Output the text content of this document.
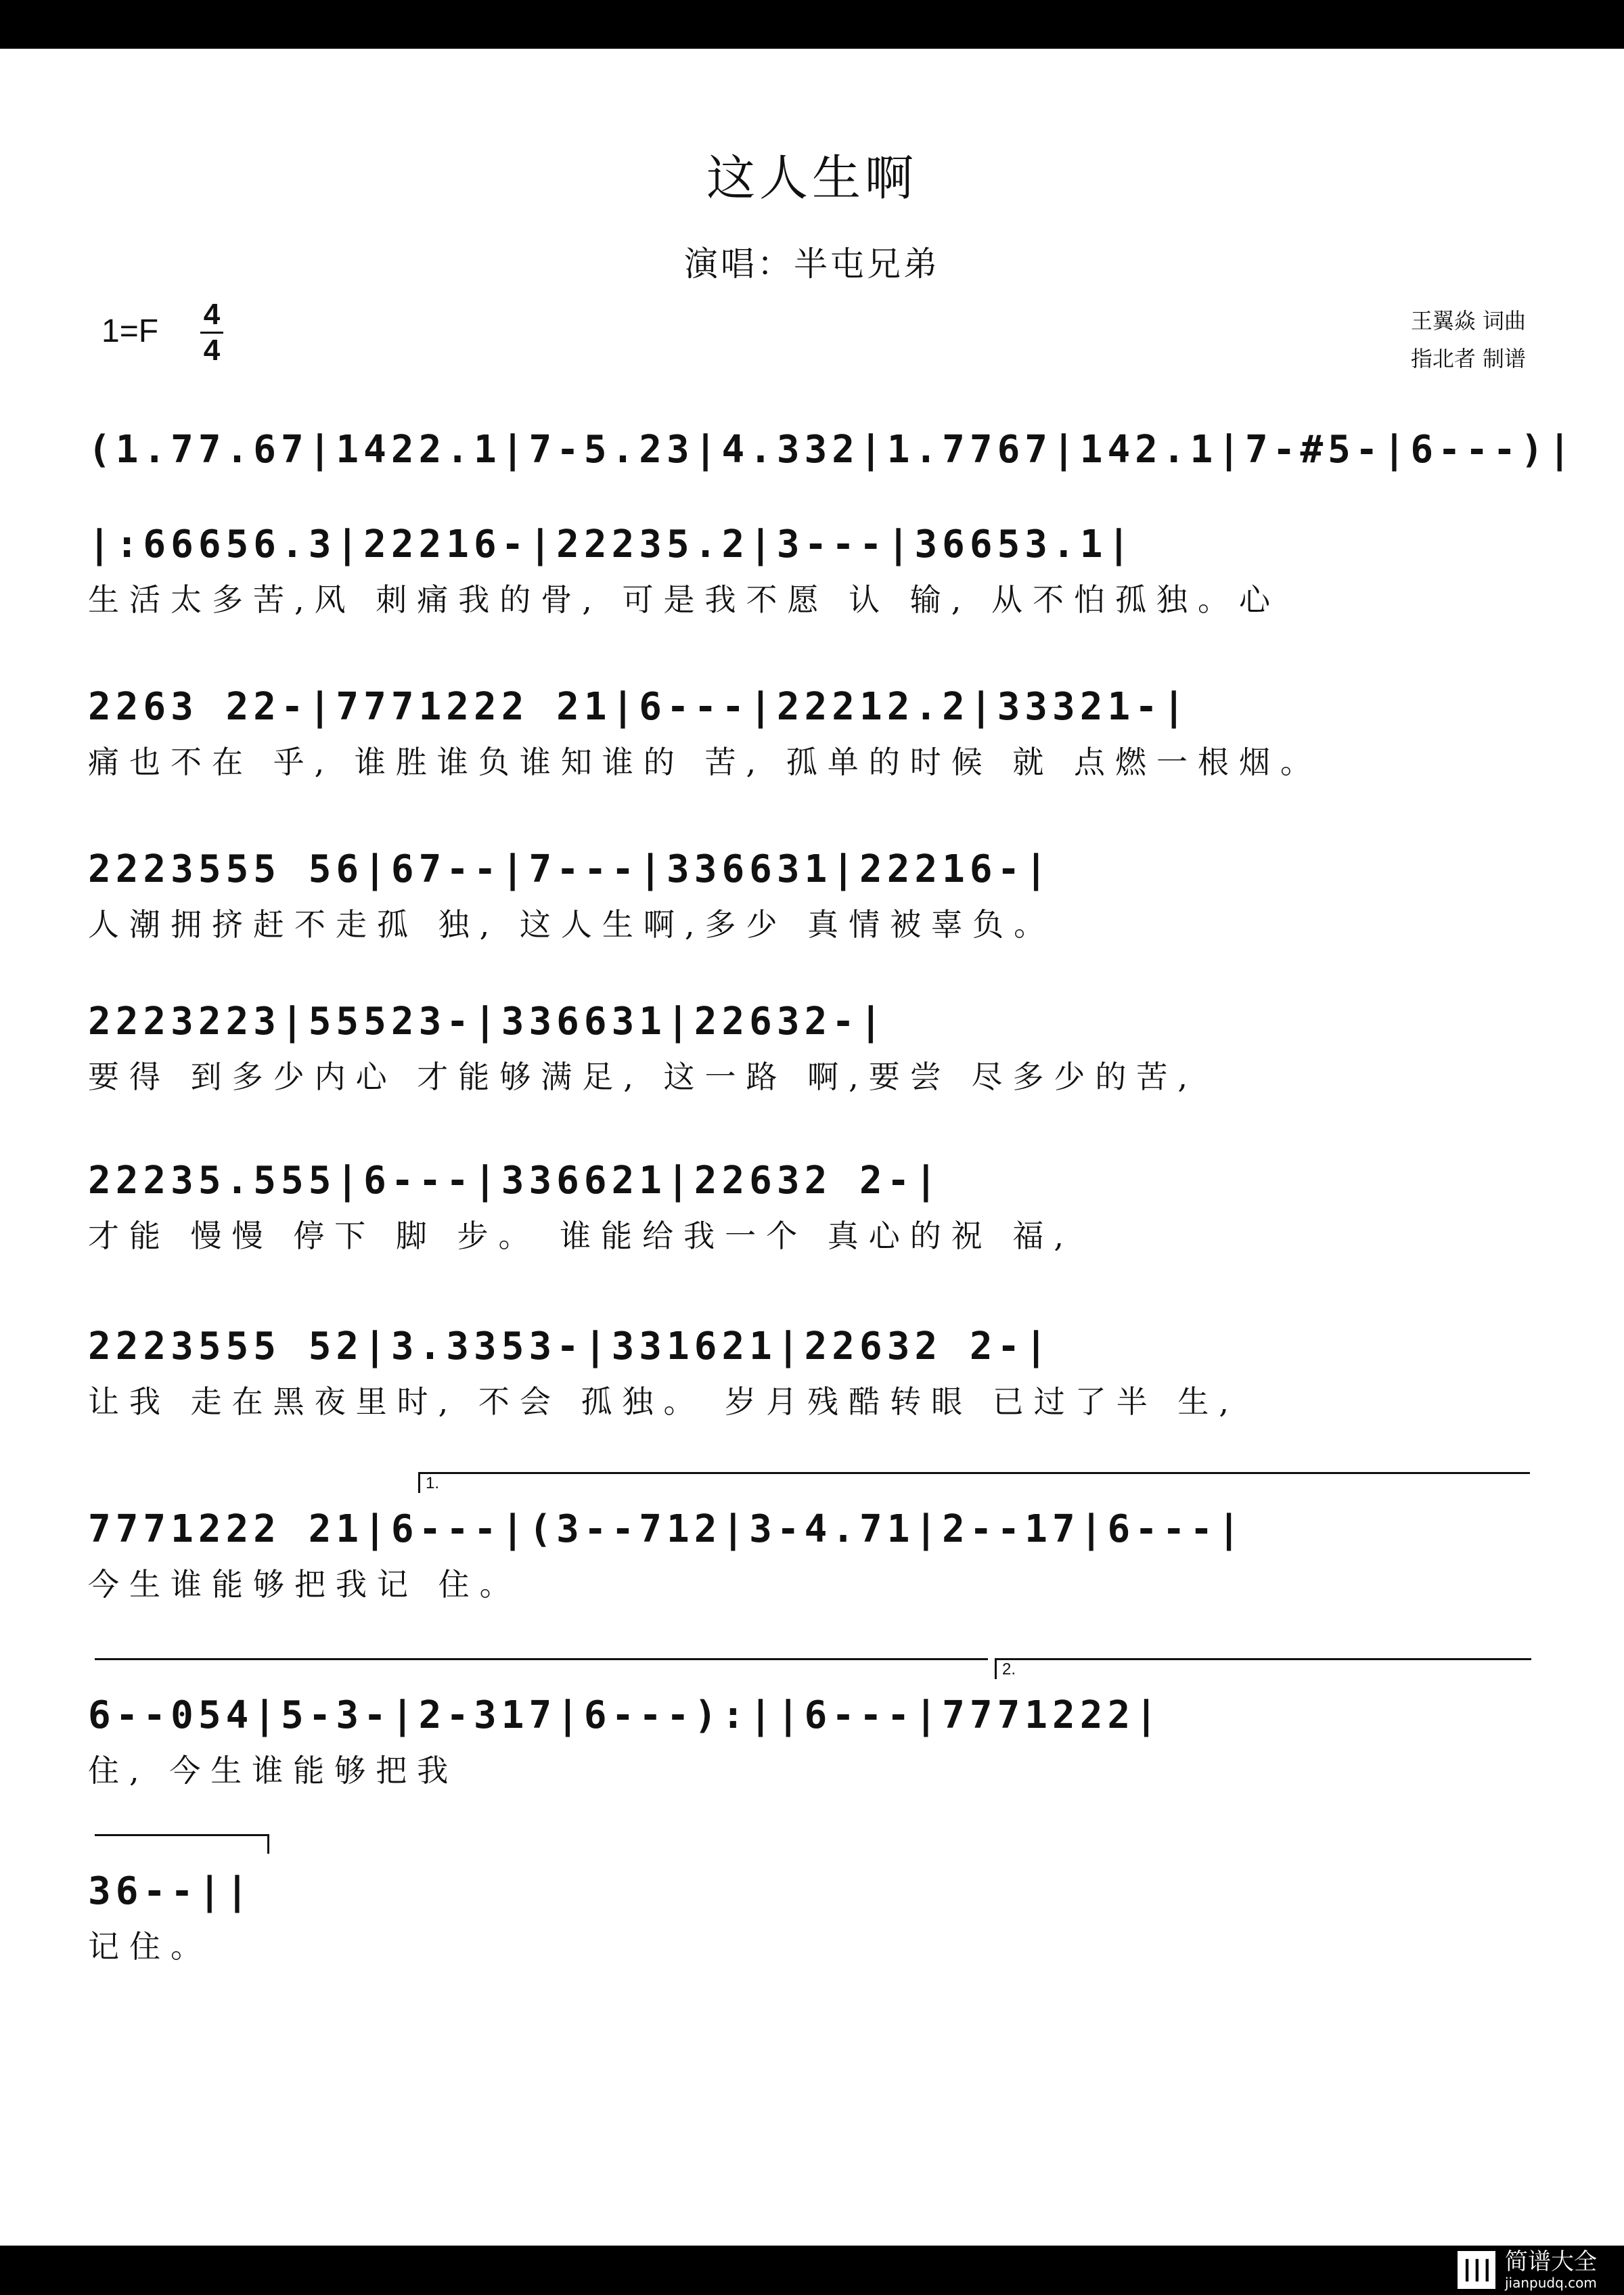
这人生啊
演唱：半屯兄弟
1=F 4
4
王翼焱 词曲
指北者 制谱
(1.77.67|1422.1|7-5.23|4.332|1.7767|142.1|7-#5-|6---)|
|:66656.3|22216-|22235.2|3---|36653.1|
生活太多苦,风 刺痛我的骨, 可是我不愿 认 输, 从不怕孤独。心
2263 22-|7771222 21|6---|22212.2|33321-|
痛也不在 乎, 谁胜谁负谁知谁的 苦, 孤单的时候 就 点燃一根烟。
2223555 56|67--|7---|336631|22216-|
人潮拥挤赶不走孤 独, 这人生啊,多少 真情被辜负。
2223223|55523-|336631|22632-|
要得 到多少内心 才能够满足, 这一路 啊,要尝 尽多少的苦,
22235.555|6---|336621|22632 2-|
才能 慢慢 停下 脚 步。 谁能给我一个 真心的祝 福,
2223555 52|3.3353-|331621|22632 2-|
让我 走在黑夜里时, 不会 孤独。 岁月残酷转眼 已过了半 生,
7771222 21|6---|(3--712|3-4.71|2--17|6---|
今生谁能够把我记 住。
6--054|5-3-|2-317|6---):||6---|7771222|
住, 今生谁能够把我
36--||
记住。
1.
2.
┃┃┃ 简谱大全
jianpudq.com
